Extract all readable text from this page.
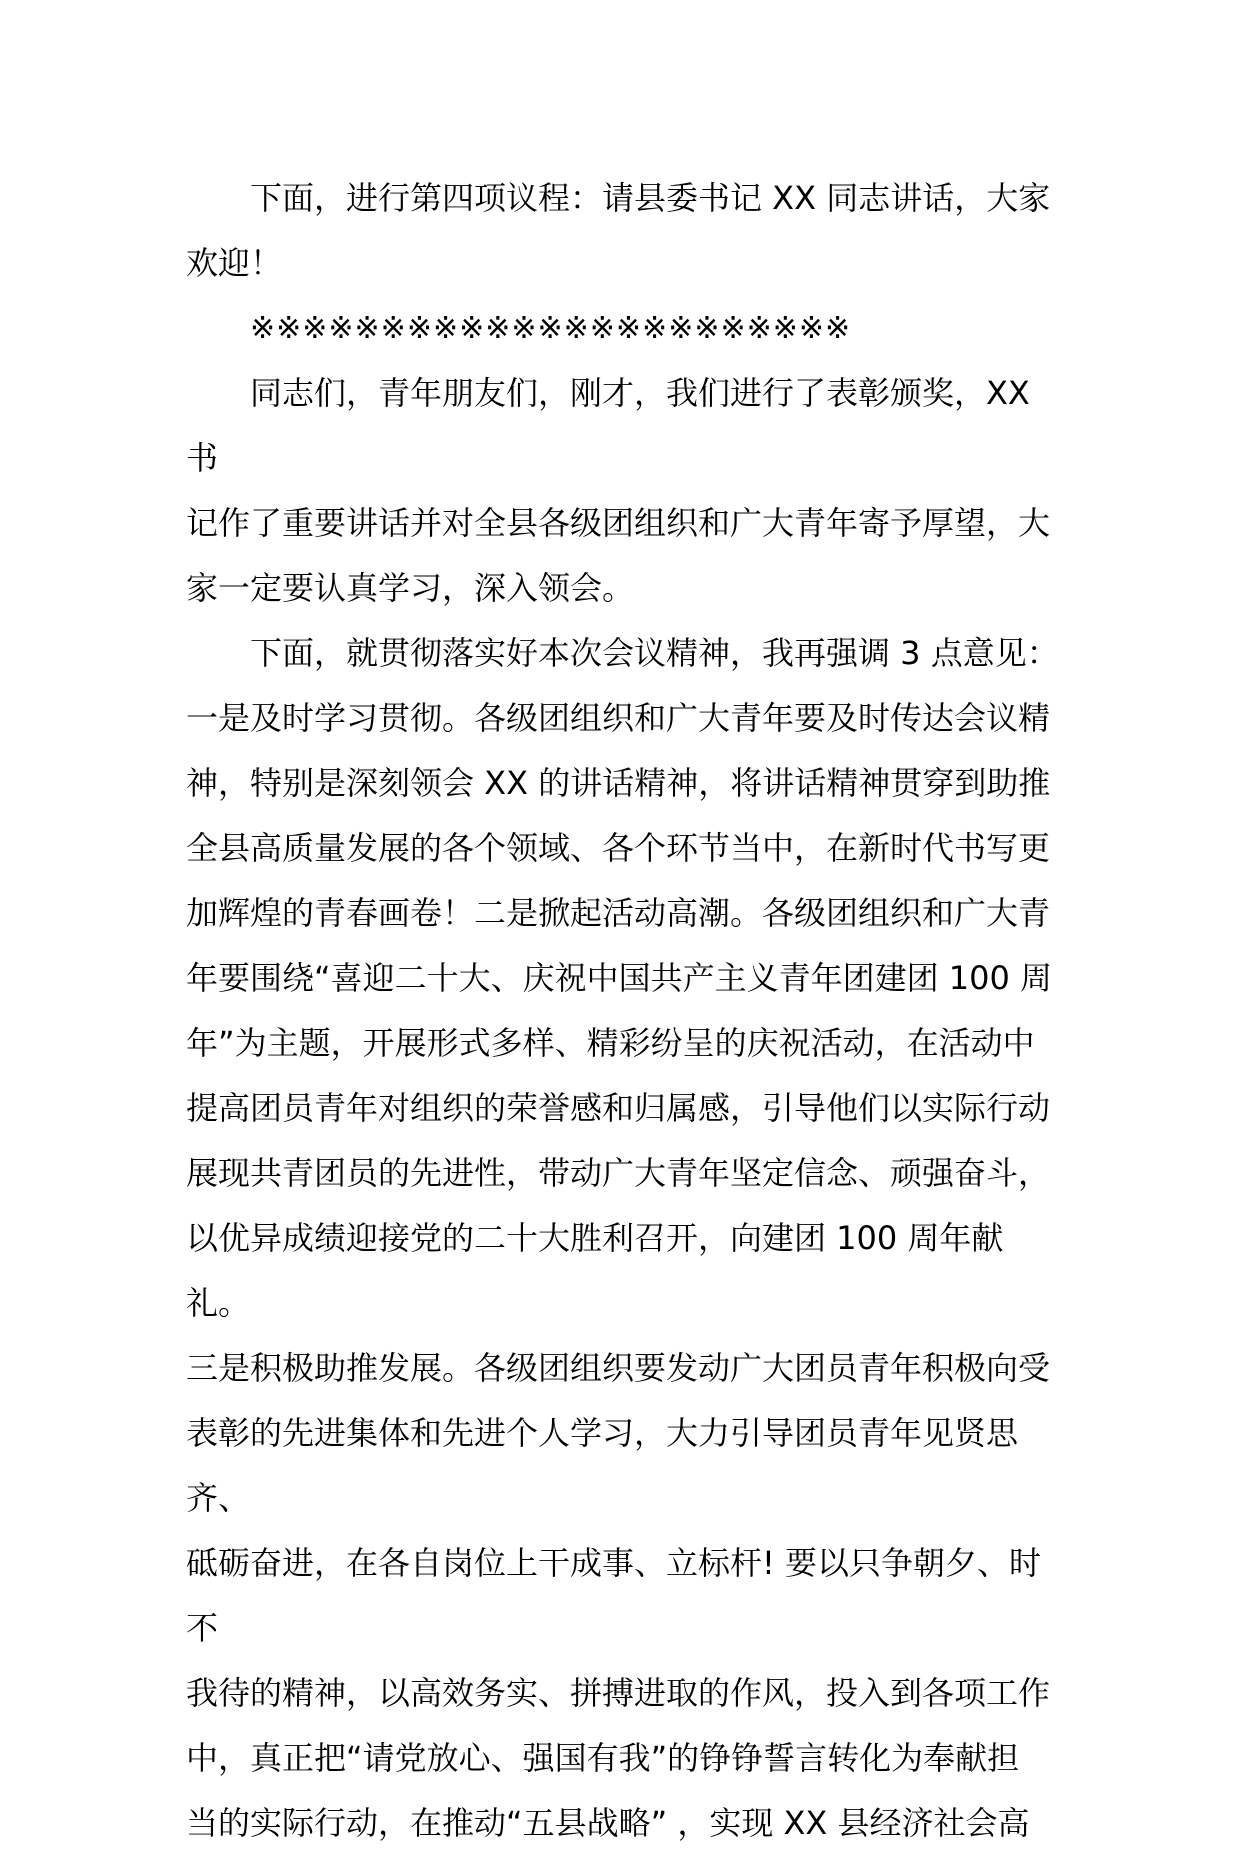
下面，进行第四项议程：请县委书记 XX 同志讲话，大家
欢迎！

※※※※※※※※※※※※※※※※※※※※※※※

同志们，青年朋友们，刚才，我们进行了表彰颁奖，XX 书
记作了重要讲话并对全县各级团组织和广大青年寄予厚望，大
家一定要认真学习，深入领会。

下面，就贯彻落实好本次会议精神，我再强调 3 点意见：
一是及时学习贯彻。各级团组织和广大青年要及时传达会议精
神，特别是深刻领会 XX 的讲话精神，将讲话精神贯穿到助推
全县高质量发展的各个领域、各个环节当中，在新时代书写更
加辉煌的青春画卷！二是掀起活动高潮。各级团组织和广大青
年要围绕“喜迎二十大、庆祝中国共产主义青年团建团 100 周
年”为主题，开展形式多样、精彩纷呈的庆祝活动，在活动中
提高团员青年对组织的荣誉感和归属感，引导他们以实际行动
展现共青团员的先进性，带动广大青年坚定信念、顽强奋斗，
以优异成绩迎接党的二十大胜利召开，向建团 100 周年献礼。
三是积极助推发展。各级团组织要发动广大团员青年积极向受
表彰的先进集体和先进个人学习，大力引导团员青年见贤思齐、
砥砺奋进，在各自岗位上干成事、立标杆! 要以只争朝夕、时不
我待的精神，以高效务实、拼搏进取的作风，投入到各项工作
中，真正把“请党放心、强国有我”的铮铮誓言转化为奉献担
当的实际行动，在推动“五县战略” ，实现 XX 县经济社会高
